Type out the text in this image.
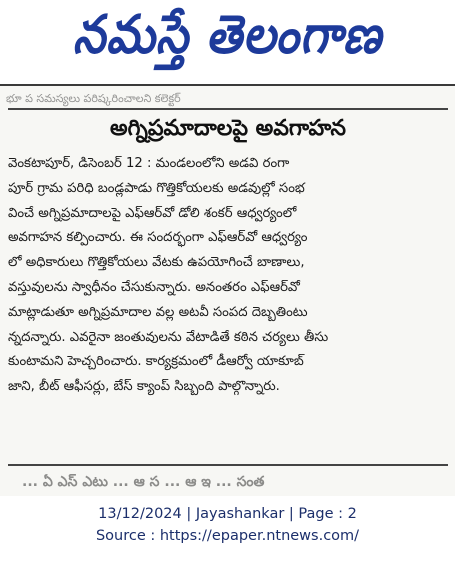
నమస్తే తెలంగాణ
భూ ప సమస్యలు పరిష్కరించాలని కలెక్టర్
అగ్నిప్రమాదాలపై అవగాహన
వెంకటాపూర్, డిసెంబర్ 12 : మండలంలోని అడవి రంగా
పూర్ గ్రామ పరిధి బండ్లపాడు గొత్తికోయలకు అడవుల్లో సంభ
వించే అగ్నిప్రమాదాలపై ఎఫ్‌ఆర్‌వో డోలి శంకర్ ఆధ్వర్యంలో
అవగాహన కల్పించారు. ఈ సందర్భంగా ఎఫ్‌ఆర్‌వో ఆధ్వర్యం
లో అధికారులు గొత్తికోయలు వేటకు ఉపయోగించే బాణాలు,
వస్తువులను స్వాధీనం చేసుకున్నారు. అనంతరం ఎఫ్‌ఆర్‌వో
మాట్లాడుతూ అగ్నిప్రమాదాల వల్ల అటవీ సంపద దెబ్బతింటు
న్నదన్నారు. ఎవరైనా జంతువులను వేటాడితే కఠిన చర్యలు తీసు
కుంటామని హెచ్చరించారు. కార్యక్రమంలో డీఆర్వో యాకూబ్
జాని, బీట్ ఆఫీసర్లు, బేస్ క్యాంప్ సిబ్బంది పాల్గొన్నారు.
... ఏ ఎస్ ఎటు ... ఆ స ... ఆ ఇ ... సంత
13/12/2024 | Jayashankar | Page : 2
Source : https://epaper.ntnews.com/
